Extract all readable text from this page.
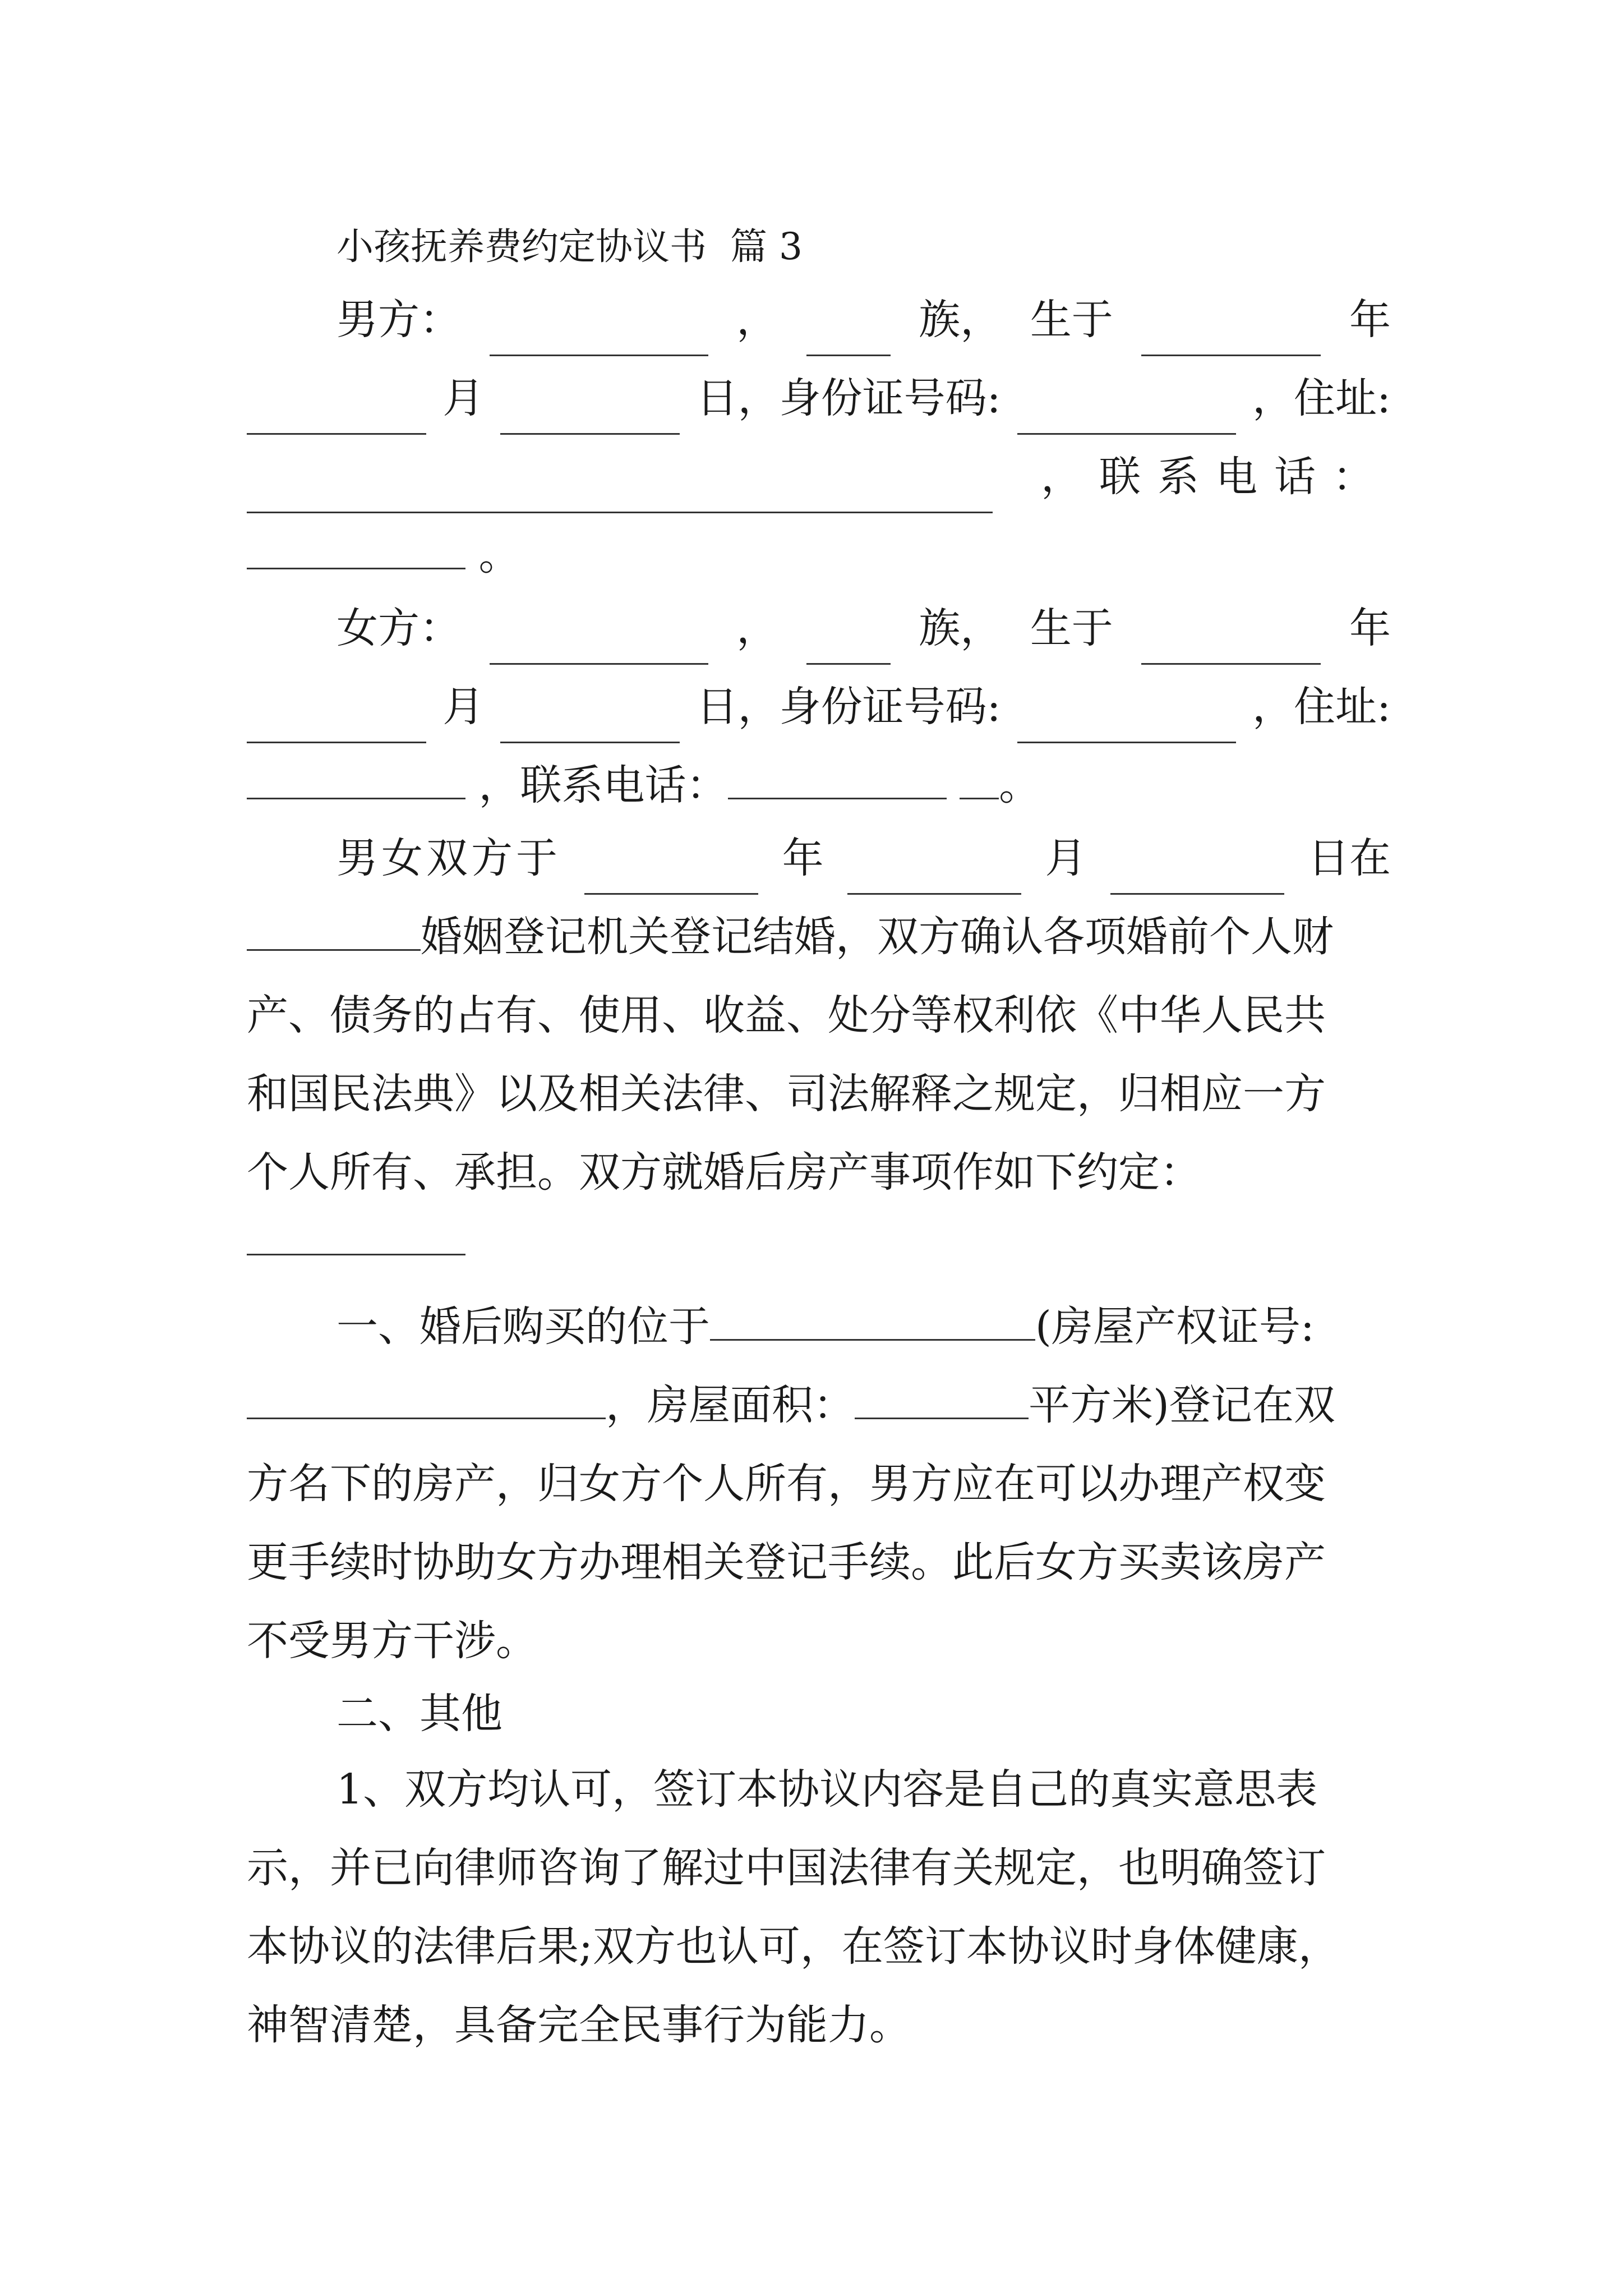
小孩抚养费约定协议书  篇 3
男方：	，	族， 生于	年
月	日，身份证号码:	，住址:
，联系电话：
。
女方：	，	族， 生于	年
月	日，身份证号码:	，住址:
，联系电话：	。
男女双方于	年	月	日在
婚姻登记机关登记结婚，双方确认各项婚前个人财
产、债务的占有、使用、收益、处分等权利依《中华人民共
和国民法典》以及相关法律、司法解释之规定，归相应一方
个人所有、承担。双方就婚后房产事项作如下约定：
一、婚后购买的位于	(房屋产权证号:
，房屋面积：	平方米)登记在双
方名下的房产，归女方个人所有，男方应在可以办理产权变
更手续时协助女方办理相关登记手续。此后女方买卖该房产
不受男方干涉。
二、其他
1、双方均认可，签订本协议内容是自己的真实意思表
示，并已向律师咨询了解过中国法律有关规定，也明确签订
本协议的法律后果;双方也认可，在签订本协议时身体健康，
神智清楚，具备完全民事行为能力。
